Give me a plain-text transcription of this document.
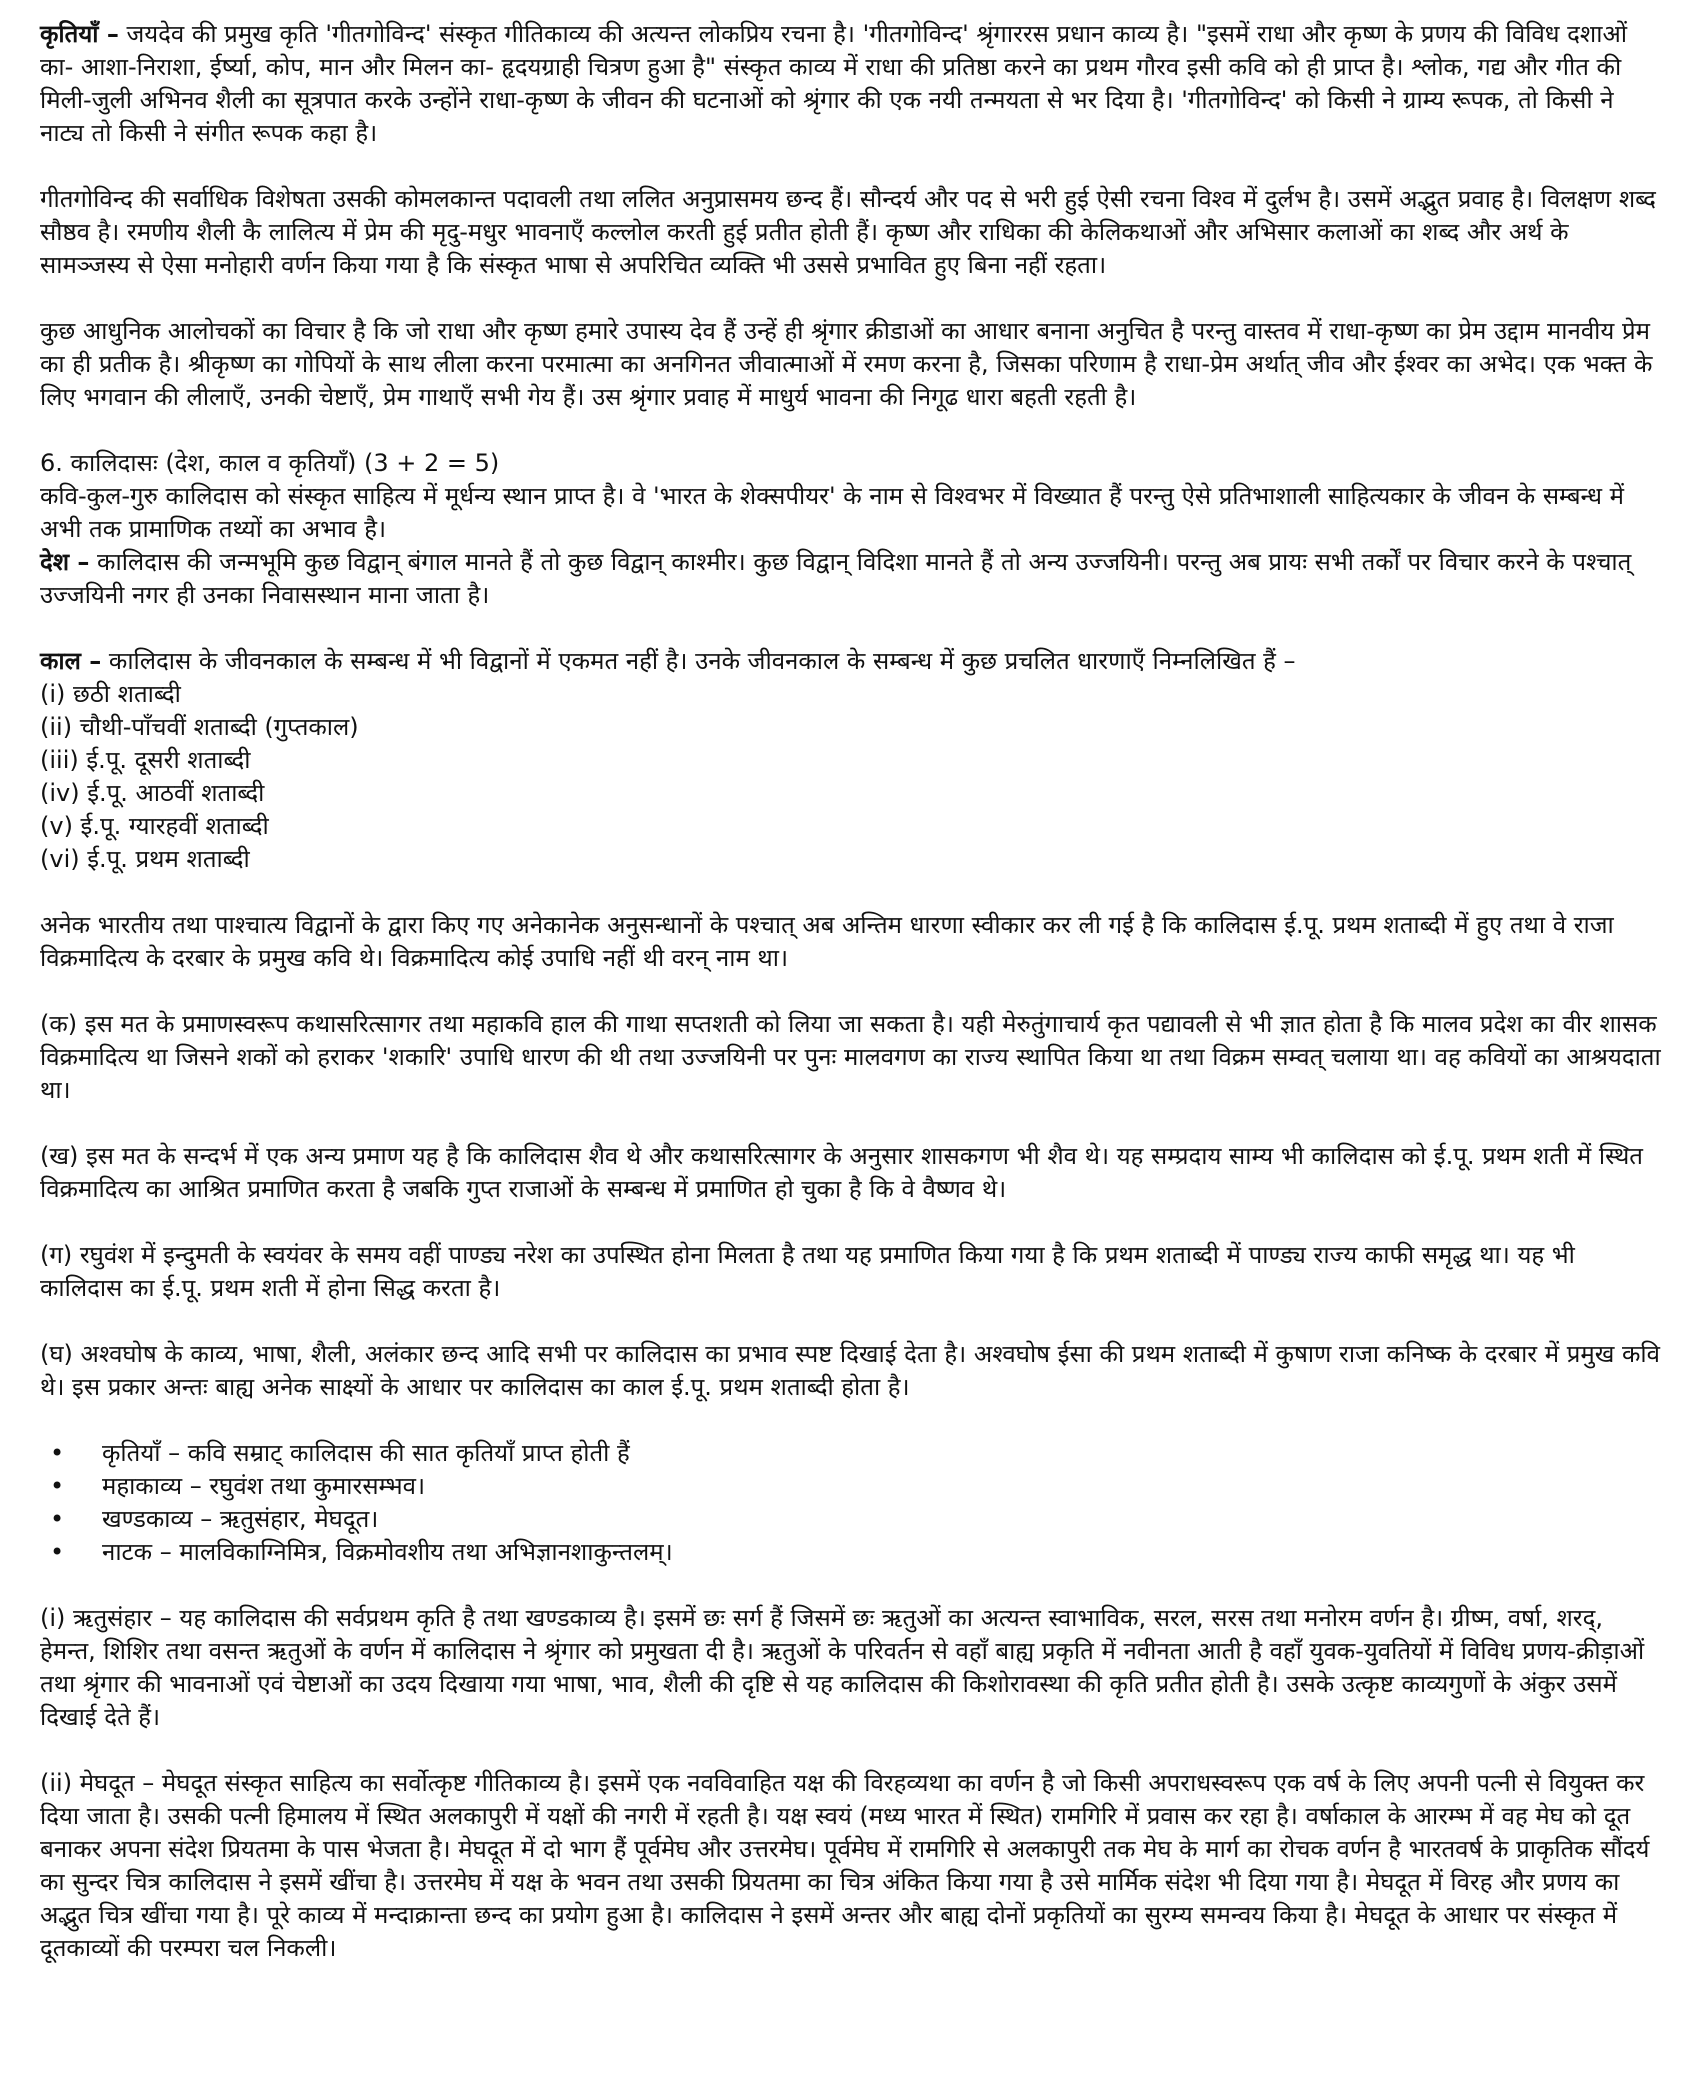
कृतियाँ – जयदेव की प्रमुख कृति 'गीतगोविन्द' संस्कृत गीतिकाव्य की अत्यन्त लोकप्रिय रचना है। 'गीतगोविन्द' श्रृंगाररस प्रधान काव्य है। "इसमें राधा और कृष्ण के प्रणय की विविध दशाओं का- आशा-निराशा, ईर्ष्या, कोप, मान और मिलन का- हृदयग्राही चित्रण हुआ है" संस्कृत काव्य में राधा की प्रतिष्ठा करने का प्रथम गौरव इसी कवि को ही प्राप्त है। श्लोक, गद्य और गीत की मिली-जुली अभिनव शैली का सूत्रपात करके उन्होंने राधा-कृष्ण के जीवन की घटनाओं को श्रृंगार की एक नयी तन्मयता से भर दिया है। 'गीतगोविन्द' को किसी ने ग्राम्य रूपक, तो किसी ने नाट्य तो किसी ने संगीत रूपक कहा है।

गीतगोविन्द की सर्वाधिक विशेषता उसकी कोमलकान्त पदावली तथा ललित अनुप्रासमय छन्द हैं। सौन्दर्य और पद से भरी हुई ऐसी रचना विश्व में दुर्लभ है। उसमें अद्भुत प्रवाह है। विलक्षण शब्द सौष्ठव है। रमणीय शैली कै लालित्य में प्रेम की मृदु-मधुर भावनाएँ कल्लोल करती हुई प्रतीत होती हैं। कृष्ण और राधिका की केलिकथाओं और अभिसार कलाओं का शब्द और अर्थ के सामञ्जस्य से ऐसा मनोहारी वर्णन किया गया है कि संस्कृत भाषा से अपरिचित व्यक्ति भी उससे प्रभावित हुए बिना नहीं रहता।

कुछ आधुनिक आलोचकों का विचार है कि जो राधा और कृष्ण हमारे उपास्य देव हैं उन्हें ही श्रृंगार क्रीडाओं का आधार बनाना अनुचित है परन्तु वास्तव में राधा-कृष्ण का प्रेम उद्दाम मानवीय प्रेम का ही प्रतीक है। श्रीकृष्ण का गोपियों के साथ लीला करना परमात्मा का अनगिनत जीवात्माओं में रमण करना है, जिसका परिणाम है राधा-प्रेम अर्थात् जीव और ईश्वर का अभेद। एक भक्त के लिए भगवान की लीलाएँ, उनकी चेष्टाएँ, प्रेम गाथाएँ सभी गेय हैं। उस श्रृंगार प्रवाह में माधुर्य भावना की निगूढ धारा बहती रहती है।

6. कालिदासः (देश, काल व कृतियाँ) (3 + 2 = 5)

कवि-कुल-गुरु कालिदास को संस्कृत साहित्य में मूर्धन्य स्थान प्राप्त है। वे 'भारत के शेक्सपीयर' के नाम से विश्वभर में विख्यात हैं परन्तु ऐसे प्रतिभाशाली साहित्यकार के जीवन के सम्बन्ध में अभी तक प्रामाणिक तथ्यों का अभाव है।

देश – कालिदास की जन्मभूमि कुछ विद्वान् बंगाल मानते हैं तो कुछ विद्वान् काश्मीर। कुछ विद्वान् विदिशा मानते हैं तो अन्य उज्जयिनी। परन्तु अब प्रायः सभी तर्कों पर विचार करने के पश्चात् उज्जयिनी नगर ही उनका निवासस्थान माना जाता है।

काल – कालिदास के जीवनकाल के सम्बन्ध में भी विद्वानों में एकमत नहीं है। उनके जीवनकाल के सम्बन्ध में कुछ प्रचलित धारणाएँ निम्नलिखित हैं –

(i) छठी शताब्दी
(ii) चौथी-पाँचवीं शताब्दी (गुप्तकाल)
(iii) ई.पू. दूसरी शताब्दी
(iv) ई.पू. आठवीं शताब्दी
(v) ई.पू. ग्यारहवीं शताब्दी
(vi) ई.पू. प्रथम शताब्दी

अनेक भारतीय तथा पाश्चात्य विद्वानों के द्वारा किए गए अनेकानेक अनुसन्धानों के पश्चात् अब अन्तिम धारणा स्वीकार कर ली गई है कि कालिदास ई.पू. प्रथम शताब्दी में हुए तथा वे राजा विक्रमादित्य के दरबार के प्रमुख कवि थे। विक्रमादित्य कोई उपाधि नहीं थी वरन् नाम था।

(क) इस मत के प्रमाणस्वरूप कथासरित्सागर तथा महाकवि हाल की गाथा सप्तशती को लिया जा सकता है। यही मेरुतुंगाचार्य कृत पद्यावली से भी ज्ञात होता है कि मालव प्रदेश का वीर शासक विक्रमादित्य था जिसने शकों को हराकर 'शकारि' उपाधि धारण की थी तथा उज्जयिनी पर पुनः मालवगण का राज्य स्थापित किया था तथा विक्रम सम्वत् चलाया था। वह कवियों का आश्रयदाता था।

(ख) इस मत के सन्दर्भ में एक अन्य प्रमाण यह है कि कालिदास शैव थे और कथासरित्सागर के अनुसार शासकगण भी शैव थे। यह सम्प्रदाय साम्य भी कालिदास को ई.पू. प्रथम शती में स्थित विक्रमादित्य का आश्रित प्रमाणित करता है जबकि गुप्त राजाओं के सम्बन्ध में प्रमाणित हो चुका है कि वे वैष्णव थे।

(ग) रघुवंश में इन्दुमती के स्वयंवर के समय वहीं पाण्ड्य नरेश का उपस्थित होना मिलता है तथा यह प्रमाणित किया गया है कि प्रथम शताब्दी में पाण्ड्य राज्य काफी समृद्ध था। यह भी कालिदास का ई.पू. प्रथम शती में होना सिद्ध करता है।

(घ) अश्वघोष के काव्य, भाषा, शैली, अलंकार छन्द आदि सभी पर कालिदास का प्रभाव स्पष्ट दिखाई देता है। अश्वघोष ईसा की प्रथम शताब्दी में कुषाण राजा कनिष्क के दरबार में प्रमुख कवि थे। इस प्रकार अन्तः बाह्य अनेक साक्ष्यों के आधार पर कालिदास का काल ई.पू. प्रथम शताब्दी होता है।

• कृतियाँ – कवि सम्राट् कालिदास की सात कृतियाँ प्राप्त होती हैं
• महाकाव्य – रघुवंश तथा कुमारसम्भव।
• खण्डकाव्य – ऋतुसंहार, मेघदूत।
• नाटक – मालविकाग्निमित्र, विक्रमोवशीय तथा अभिज्ञानशाकुन्तलम्।

(i) ऋतुसंहार – यह कालिदास की सर्वप्रथम कृति है तथा खण्डकाव्य है। इसमें छः सर्ग हैं जिसमें छः ऋतुओं का अत्यन्त स्वाभाविक, सरल, सरस तथा मनोरम वर्णन है। ग्रीष्म, वर्षा, शरद्, हेमन्त, शिशिर तथा वसन्त ऋतुओं के वर्णन में कालिदास ने श्रृंगार को प्रमुखता दी है। ऋतुओं के परिवर्तन से वहाँ बाह्य प्रकृति में नवीनता आती है वहाँ युवक-युवतियों में विविध प्रणय-क्रीड़ाओं तथा श्रृंगार की भावनाओं एवं चेष्टाओं का उदय दिखाया गया भाषा, भाव, शैली की दृष्टि से यह कालिदास की किशोरावस्था की कृति प्रतीत होती है। उसके उत्कृष्ट काव्यगुणों के अंकुर उसमें दिखाई देते हैं।

(ii) मेघदूत – मेघदूत संस्कृत साहित्य का सर्वोत्कृष्ट गीतिकाव्य है। इसमें एक नवविवाहित यक्ष की विरहव्यथा का वर्णन है जो किसी अपराधस्वरूप एक वर्ष के लिए अपनी पत्नी से वियुक्त कर दिया जाता है। उसकी पत्नी हिमालय में स्थित अलकापुरी में यक्षों की नगरी में रहती है। यक्ष स्वयं (मध्य भारत में स्थित) रामगिरि में प्रवास कर रहा है। वर्षाकाल के आरम्भ में वह मेघ को दूत बनाकर अपना संदेश प्रियतमा के पास भेजता है। मेघदूत में दो भाग हैं पूर्वमेघ और उत्तरमेघ। पूर्वमेघ में रामगिरि से अलकापुरी तक मेघ के मार्ग का रोचक वर्णन है भारतवर्ष के प्राकृतिक सौंदर्य का सुन्दर चित्र कालिदास ने इसमें खींचा है। उत्तरमेघ में यक्ष के भवन तथा उसकी प्रियतमा का चित्र अंकित किया गया है उसे मार्मिक संदेश भी दिया गया है। मेघदूत में विरह और प्रणय का अद्भुत चित्र खींचा गया है। पूरे काव्य में मन्दाक्रान्ता छन्द का प्रयोग हुआ है। कालिदास ने इसमें अन्तर और बाह्य दोनों प्रकृतियों का सुरम्य समन्वय किया है। मेघदूत के आधार पर संस्कृत में दूतकाव्यों की परम्परा चल निकली।
